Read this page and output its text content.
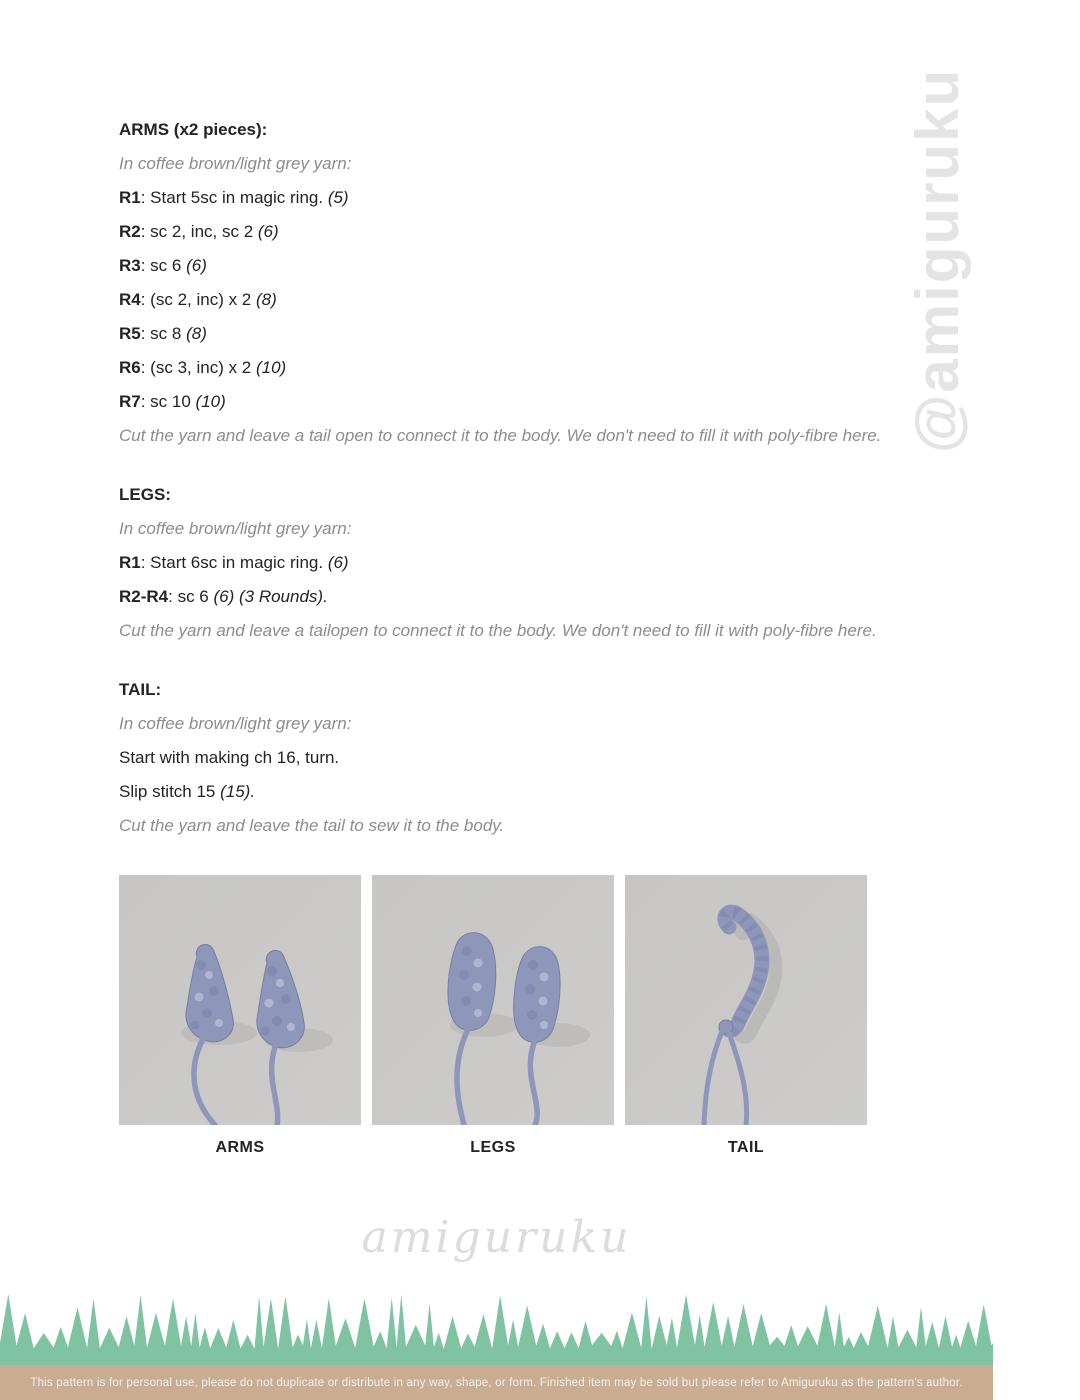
@amiguruku

ARMS (x2 pieces):

In coffee brown/light grey yarn:

R1: Start 5sc in magic ring. (5)

R2: sc 2, inc, sc 2 (6)

R3: sc 6 (6)

R4: (sc 2, inc) x 2 (8)

R5: sc 8 (8)

R6: (sc 3, inc) x 2 (10)

R7: sc 10 (10)

Cut the yarn and leave a tail open to connect it to the body. We don't need to fill it with poly-fibre here.

LEGS:

In coffee brown/light grey yarn:

R1: Start 6sc in magic ring. (6)

R2-R4: sc 6 (6) (3 Rounds).

Cut the yarn and leave a tailopen to connect it to the body. We don't need to fill it with poly-fibre here.

TAIL:

In coffee brown/light grey yarn:

Start with making ch 16, turn.

Slip stitch 15 (15).

Cut the yarn and leave the tail to sew it to the body.

ARMS	LEGS	TAIL
amiguruku
This pattern is for personal use, please do not duplicate or distribute in any way, shape, or form. Finished item may be sold but please refer to Amiguruku as the pattern's author.
